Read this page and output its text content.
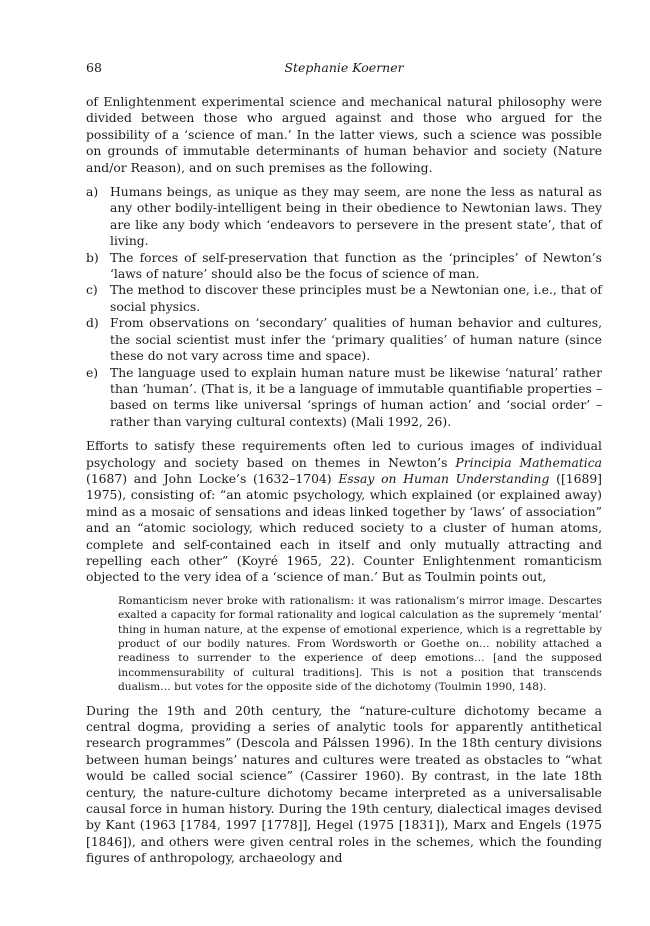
68	Stephanie Koerner

of Enlightenment experimental science and mechanical natural philosophy were divided between those who argued against and those who argued for the possibility of a ‘science of man.’ In the latter views, such a science was possible on grounds of immutable determinants of human behavior and society (Nature and/or Reason), and on such premises as the following.

a) Humans beings, as unique as they may seem, are none the less as natural as any other bodily-intelligent being in their obedience to Newtonian laws. They are like any body which ‘endeavors to persevere in the present state’, that of living.
b) The forces of self-preservation that function as the ‘principles’ of Newton’s ‘laws of nature’ should also be the focus of science of man.
c) The method to discover these principles must be a Newtonian one, i.e., that of social physics.
d) From observations on ‘secondary’ qualities of human behavior and cultures, the social scientist must infer the ‘primary qualities’ of human nature (since these do not vary across time and space).
e) The language used to explain human nature must be likewise ‘natural’ rather than ‘human’. (That is, it be a language of immutable quantifiable properties – based on terms like universal ‘springs of human action’ and ‘social order’ – rather than varying cultural contexts) (Mali 1992, 26).

Efforts to satisfy these requirements often led to curious images of individual psychology and society based on themes in Newton’s Principia Mathematica (1687) and John Locke’s (1632–1704) Essay on Human Understanding ([1689] 1975), consisting of: “an atomic psychology, which explained (or explained away) mind as a mosaic of sensations and ideas linked together by ‘laws’ of association” and an “atomic sociology, which reduced society to a cluster of human atoms, complete and self-contained each in itself and only mutually attracting and repelling each other” (Koyré 1965, 22). Counter Enlightenment romanticism objected to the very idea of a ‘science of man.’ But as Toulmin points out,

Romanticism never broke with rationalism: it was rationalism’s mirror image. Descartes exalted a capacity for formal rationality and logical calculation as the supremely ‘mental’ thing in human nature, at the expense of emotional experience, which is a regrettable by product of our bodily natures. From Wordsworth or Goethe on… nobility attached a readiness to surrender to the experience of deep emotions… [and the supposed incommensurability of cultural traditions]. This is not a position that transcends dualism… but votes for the opposite side of the dichotomy (Toulmin 1990, 148).

During the 19th and 20th century, the “nature-culture dichotomy became a central dogma, providing a series of analytic tools for apparently antithetical research programmes” (Descola and Pálssen 1996). In the 18th century divisions between human beings’ natures and cultures were treated as obstacles to “what would be called social science” (Cassirer 1960). By contrast, in the late 18th century, the nature-culture dichotomy became interpreted as a universalisable causal force in human history. During the 19th century, dialectical images devised by Kant (1963 [1784, 1997 [1778]], Hegel (1975 [1831]), Marx and Engels (1975 [1846]), and others were given central roles in the schemes, which the founding figures of anthropology, archaeology and
